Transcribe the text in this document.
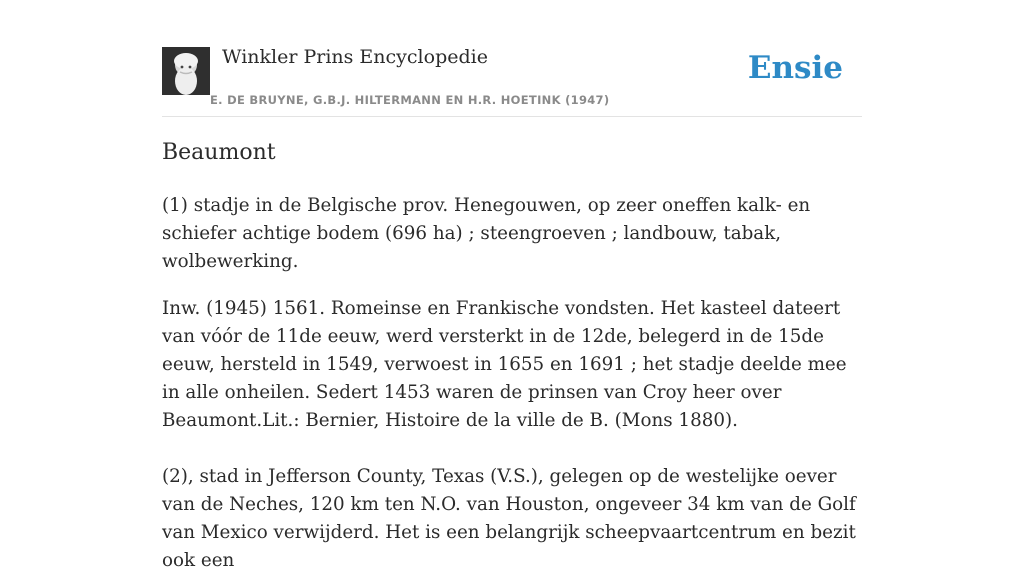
Winkler Prins Encyclopedie
E. DE BRUYNE, G.B.J. HILTERMANN EN H.R. HOETINK (1947)
Ensie
Beaumont

(1) stadje in de Belgische prov. Henegouwen, op zeer oneffen kalk- en schiefer achtige bodem (696 ha) ; steengroeven ; landbouw, tabak, wolbewerking.

Inw. (1945) 1561. Romeinse en Frankische vondsten. Het kasteel dateert van vóór de 11de eeuw, werd versterkt in de 12de, belegerd in de 15de eeuw, hersteld in 1549, verwoest in 1655 en 1691 ; het stadje deelde mee in alle onheilen. Sedert 1453 waren de prinsen van Croy heer over Beaumont.Lit.: Bernier, Histoire de la ville de B. (Mons 1880).

(2), stad in Jefferson County, Texas (V.S.), gelegen op de westelijke oever van de Neches, 120 km ten N.O. van Houston, ongeveer 34 km van de Golf van Mexico verwijderd. Het is een belangrijk scheepvaartcentrum en bezit ook een
